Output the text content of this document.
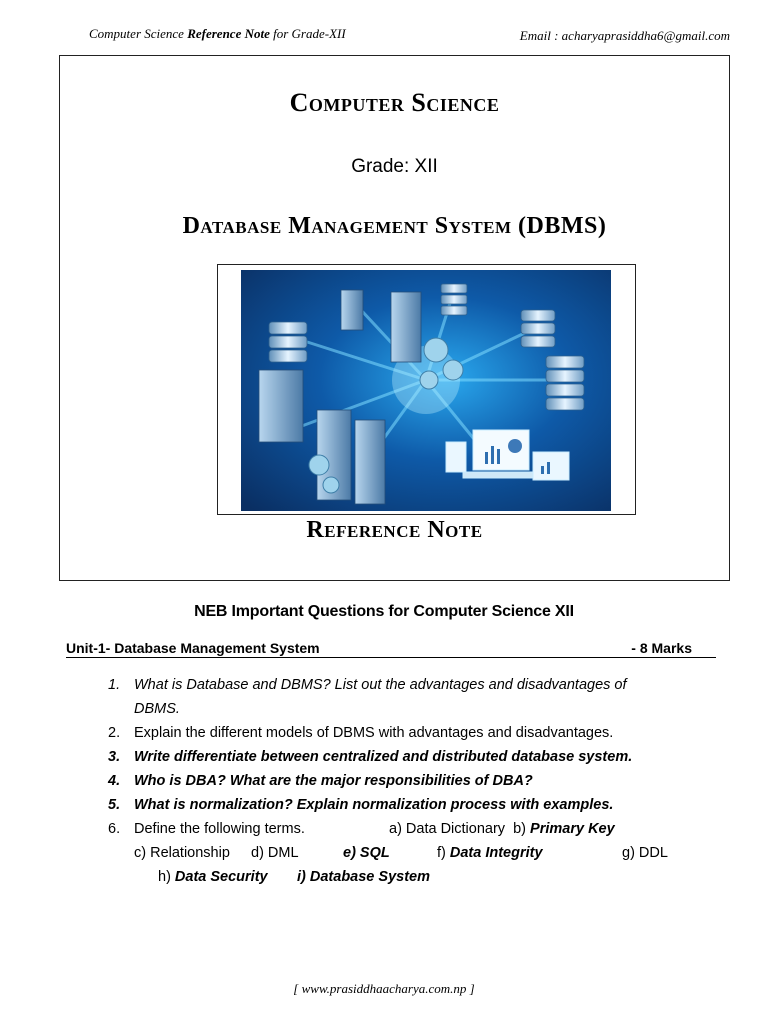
Computer Science Reference Note for Grade-XII	Email : acharyaprasiddha6@gmail.com
Computer Science
Grade: XII
Database Management System (DBMS)
Reference Note
NEB Important Questions for Computer Science XII
Unit-1- Database Management System	- 8 Marks
1. What is Database and DBMS? List out the advantages and disadvantages of
DBMS.
2. Explain the different models of DBMS with advantages and disadvantages.
3. Write differentiate between centralized and distributed database system.
4. Who is DBA? What are the major responsibilities of DBA?
5. What is normalization? Explain normalization process with examples.
6. Define the following terms.	a) Data Dictionary b) Primary Key
c) Relationship d) DML	e) SQL	f) Data Integrity	g) DDL
h) Data Security i) Database System
[ www.prasiddhaacharya.com.np ]
